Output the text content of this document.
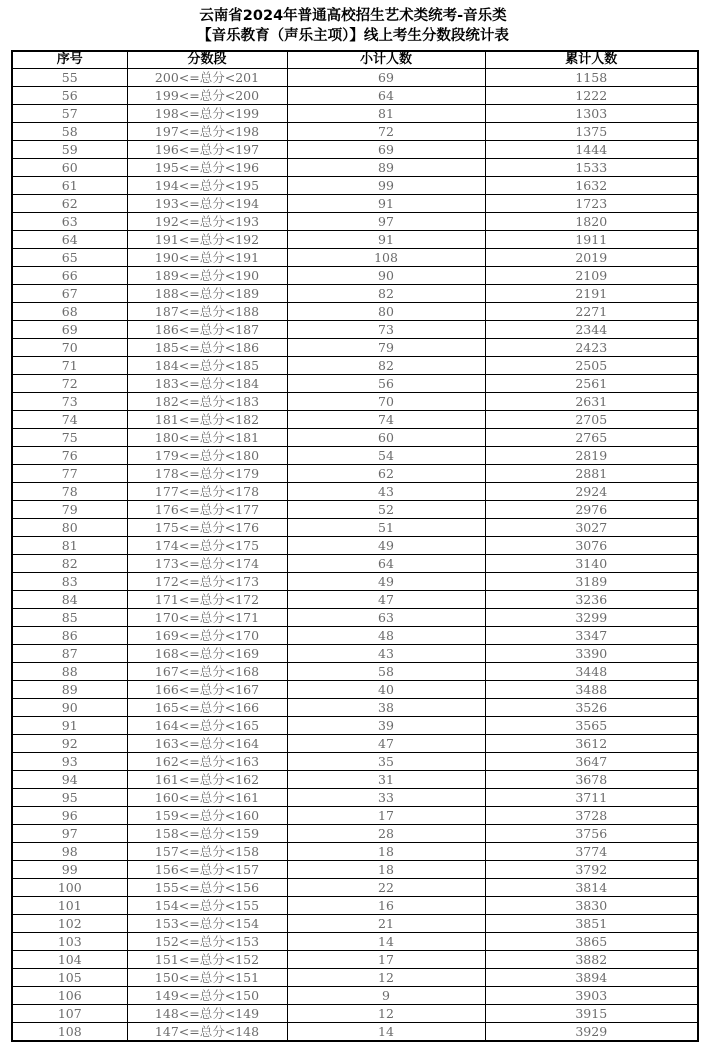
云南省2024年普通高校招生艺术类统考-音乐类
【音乐教育（声乐主项）】线上考生分数段统计表
序号	分数段	小计人数	累计人数
55	200<=总分<201	69	1158
56	199<=总分<200	64	1222
57	198<=总分<199	81	1303
58	197<=总分<198	72	1375
59	196<=总分<197	69	1444
60	195<=总分<196	89	1533
61	194<=总分<195	99	1632
62	193<=总分<194	91	1723
63	192<=总分<193	97	1820
64	191<=总分<192	91	1911
65	190<=总分<191	108	2019
66	189<=总分<190	90	2109
67	188<=总分<189	82	2191
68	187<=总分<188	80	2271
69	186<=总分<187	73	2344
70	185<=总分<186	79	2423
71	184<=总分<185	82	2505
72	183<=总分<184	56	2561
73	182<=总分<183	70	2631
74	181<=总分<182	74	2705
75	180<=总分<181	60	2765
76	179<=总分<180	54	2819
77	178<=总分<179	62	2881
78	177<=总分<178	43	2924
79	176<=总分<177	52	2976
80	175<=总分<176	51	3027
81	174<=总分<175	49	3076
82	173<=总分<174	64	3140
83	172<=总分<173	49	3189
84	171<=总分<172	47	3236
85	170<=总分<171	63	3299
86	169<=总分<170	48	3347
87	168<=总分<169	43	3390
88	167<=总分<168	58	3448
89	166<=总分<167	40	3488
90	165<=总分<166	38	3526
91	164<=总分<165	39	3565
92	163<=总分<164	47	3612
93	162<=总分<163	35	3647
94	161<=总分<162	31	3678
95	160<=总分<161	33	3711
96	159<=总分<160	17	3728
97	158<=总分<159	28	3756
98	157<=总分<158	18	3774
99	156<=总分<157	18	3792
100	155<=总分<156	22	3814
101	154<=总分<155	16	3830
102	153<=总分<154	21	3851
103	152<=总分<153	14	3865
104	151<=总分<152	17	3882
105	150<=总分<151	12	3894
106	149<=总分<150	9	3903
107	148<=总分<149	12	3915
108	147<=总分<148	14	3929
